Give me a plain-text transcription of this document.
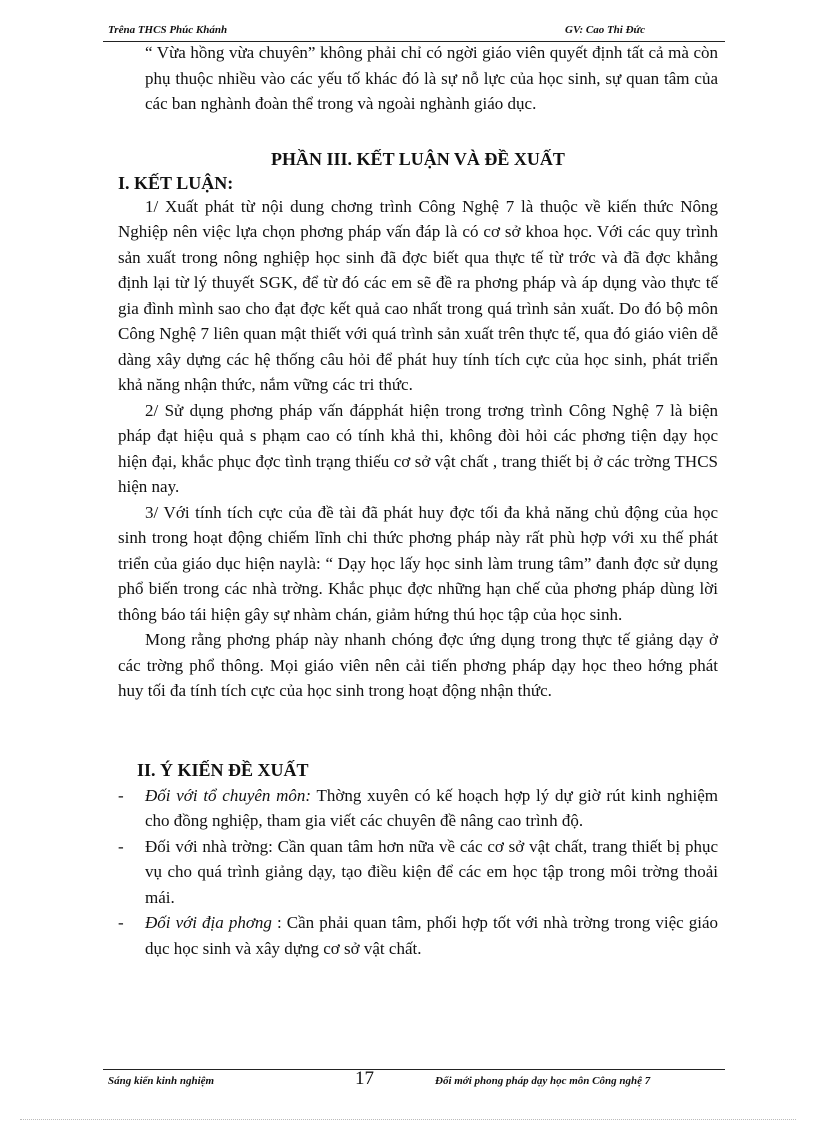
Trêna THCS Phúc Khánh	GV: Cao Thi Đức

“ Vừa hồng vừa chuyên” không phải chỉ có ngời giáo viên quyết định tất cả mà còn phụ thuộc nhiều vào các yếu tố khác đó là sự nỗ lực của học sinh, sự quan tâm của các ban nghành đoàn thể trong và ngoài nghành giáo dục.

PHẦN III. KẾT LUẬN VÀ ĐỀ XUẤT
I. KẾT LUẬN:

1/ Xuất phát từ nội dung chơng trình Công Nghệ 7 là thuộc về kiến thức Nông Nghiệp nên việc lựa chọn phơng pháp vấn đáp là có cơ sở khoa học. Với các quy trình sản xuất trong nông nghiệp học sinh đã đợc biết qua thực tế từ trớc và đã đợc khẳng định lại từ lý thuyết SGK, để từ đó các em sẽ đề ra phơng pháp và áp dụng vào thực tế gia đình mình sao cho đạt đợc kết quả cao nhất trong quá trình sản xuất. Do đó bộ môn Công Nghệ 7 liên quan mật thiết với quá trình sản xuất trên thực tế, qua đó giáo viên dễ dàng xây dựng các hệ thống câu hỏi để phát huy tính tích cực của học sinh, phát triển khả năng nhận thức, nắm vững các tri thức.

2/ Sử dụng phơng pháp vấn đápphát hiện trong trơng trình Công Nghệ 7 là biện pháp đạt hiệu quả s phạm cao có tính khả thi, không đòi hỏi các phơng tiện dạy học hiện đại, khắc phục đợc tình trạng thiếu cơ sở vật chất , trang thiết bị ở các trờng THCS hiện nay.

3/ Với tính tích cực của đề tài đã phát huy đợc tối đa khả năng chủ động của học sinh trong hoạt động chiếm lĩnh chi thức phơng pháp này rất phù hợp với xu thế phát triển của giáo dục hiện naylà: “ Dạy học lấy học sinh làm trung tâm” đanh đợc sử dụng phổ biến trong các nhà trờng. Khắc phục đợc những hạn chế của phơng pháp dùng lời thông báo tái hiện gây sự nhàm chán, giảm hứng thú học tập của học sinh.

Mong rằng phơng pháp này nhanh chóng đợc ứng dụng trong thực tế giảng dạy ở các trờng phổ thông. Mọi giáo viên nên cải tiến phơng pháp dạy học theo hớng phát huy tối đa tính tích cực của học sinh trong hoạt động nhận thức.

II. Ý KIẾN ĐỀ XUẤT

- Đối với tổ chuyên môn: Thờng xuyên có kế hoạch hợp lý dự giờ rút kinh nghiệm cho đồng nghiệp, tham gia viết các chuyên đề nâng cao trình độ.

- Đối với nhà trờng: Cần quan tâm hơn nữa về các cơ sở vật chất, trang thiết bị phục vụ cho quá trình giảng dạy, tạo điều kiện để các em học tập trong môi trờng thoải mái.

- Đối với địa phơng : Cần phải quan tâm, phối hợp tốt với nhà trờng trong việc giáo dục học sinh và xây dựng cơ sở vật chất.

Sáng kiến kinh nghiệm	17	Đổi mới phong pháp dạy học môn Công nghệ 7
